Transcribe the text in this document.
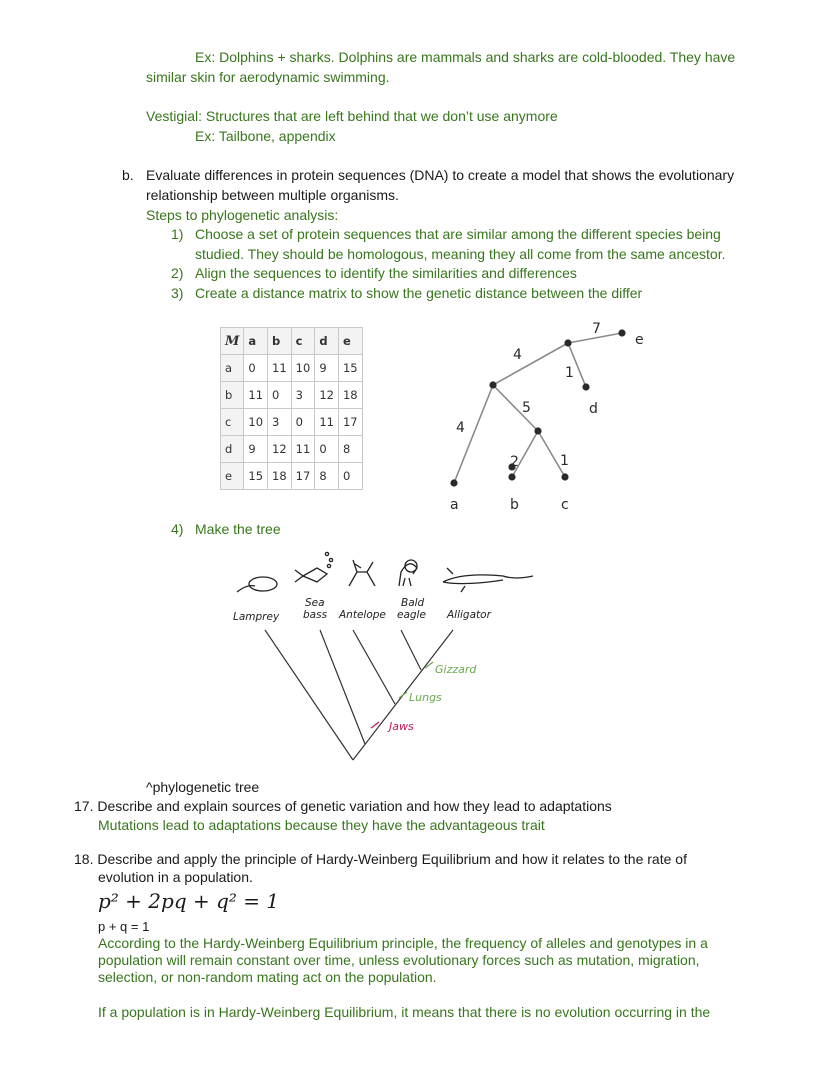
Ex: Dolphins + sharks. Dolphins are mammals and sharks are cold-blooded. They have
similar skin for aerodynamic swimming.
Vestigial: Structures that are left behind that we don’t use anymore
Ex: Tailbone, appendix
b. Evaluate differences in protein sequences (DNA) to create a model that shows the evolutionary
relationship between multiple organisms.
Steps to phylogenetic analysis:
1) Choose a set of protein sequences that are similar among the different species being
studied. They should be homologous, meaning they all come from the same ancestor.
2) Align the sequences to identify the similarities and differences
3) Create a distance matrix to show the genetic distance between the differ
M	a	b	c	d	e
a	0	11	10	9	15
b	11	0	3	12	18
c	10	3	0	11	17
d	9	12	11	0	8
e	15	18	17	8	0
a	b	c
d
e
7
4
1
5
4
2	1
4) Make the tree
Lamprey
Sea
bass Antelope
Bald
eagle Alligator
Gizzard
Lungs
Jaws
^phylogenetic tree
17. Describe and explain sources of genetic variation and how they lead to adaptations
Mutations lead to adaptations because they have the advantageous trait
18. Describe and apply the principle of Hardy-Weinberg Equilibrium and how it relates to the rate of
evolution in a population.
p² + 2pq + q² = 1
p + q = 1
According to the Hardy-Weinberg Equilibrium principle, the frequency of alleles and genotypes in a
population will remain constant over time, unless evolutionary forces such as mutation, migration,
selection, or non-random mating act on the population.
If a population is in Hardy-Weinberg Equilibrium, it means that there is no evolution occurring in the
